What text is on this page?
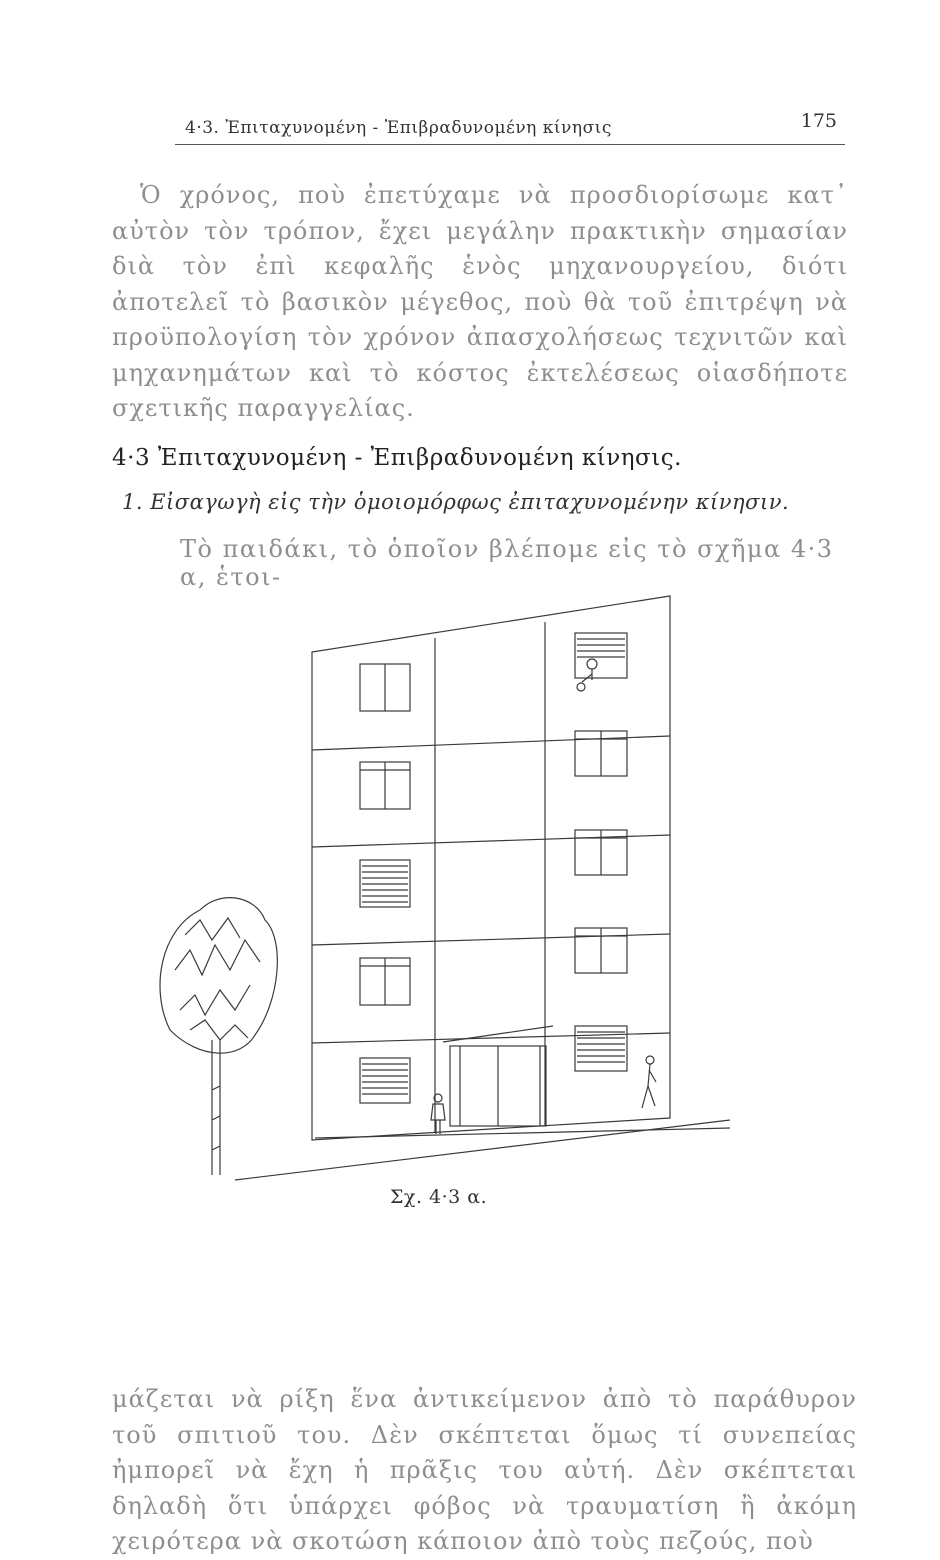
4·3. Ἐπιταχυνομένη - Ἐπιβραδυνομένη κίνησις	175
Ὁ χρόνος, ποὺ ἐπετύχαμε νὰ προσδιορίσωμε κατ᾽ αὐτὸν τὸν τρόπον, ἔχει μεγάλην πρακτικὴν σημασίαν διὰ τὸν ἐπὶ κεφαλῆς ἑνὸς μηχανουργείου, διότι ἀποτελεῖ τὸ βασικὸν μέγεθος, ποὺ θὰ τοῦ ἐπιτρέψη νὰ προϋπολογίση τὸν χρόνον ἀπασχολήσεως τεχνιτῶν καὶ μηχανημάτων καὶ τὸ κόστος ἐκτελέσεως οἱασδήποτε σχετικῆς παραγγελίας.
4·3 Ἐπιταχυνομένη - Ἐπιβραδυνομένη κίνησις.
1. Εἰσαγωγὴ εἰς τὴν ὁμοιομόρφως ἐπιταχυνομένην κίνησιν.
Τὸ παιδάκι, τὸ ὁποῖον βλέπομε εἰς τὸ σχῆμα 4·3 α, ἑτοι-
Σχ. 4·3 α.
μάζεται νὰ ρίξη ἕνα ἀντικείμενον ἀπὸ τὸ παράθυρον τοῦ σπιτιοῦ του. Δὲν σκέπτεται ὅμως τί συνεπείας ἠμπορεῖ νὰ ἔχη ἡ πρᾶξις του αὐτή. Δὲν σκέπτεται δηλαδὴ ὅτι ὑπάρχει φόβος νὰ τραυματίση ἢ ἀκόμη χειρότερα νὰ σκοτώση κάποιον ἀπὸ τοὺς πεζούς, ποὺ
